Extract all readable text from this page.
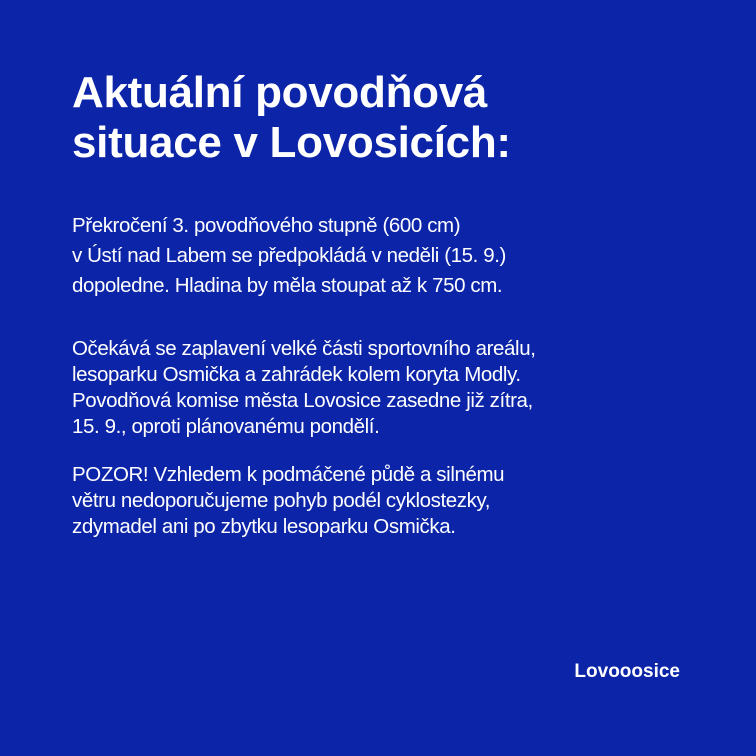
Aktuální povodňová
situace v Lovosicích:

Překročení 3. povodňového stupně (600 cm)
v Ústí nad Labem se předpokládá v neděli (15. 9.)
dopoledne. Hladina by měla stoupat až k 750 cm.

Očekává se zaplavení velké části sportovního areálu,
lesoparku Osmička a zahrádek kolem koryta Modly.
Povodňová komise města Lovosice zasedne již zítra,
15. 9., oproti plánovanému pondělí.

POZOR! Vzhledem k podmáčené půdě a silnému
větru nedoporučujeme pohyb podél cyklostezky,
zdymadel ani po zbytku lesoparku Osmička.

Lovooosice
